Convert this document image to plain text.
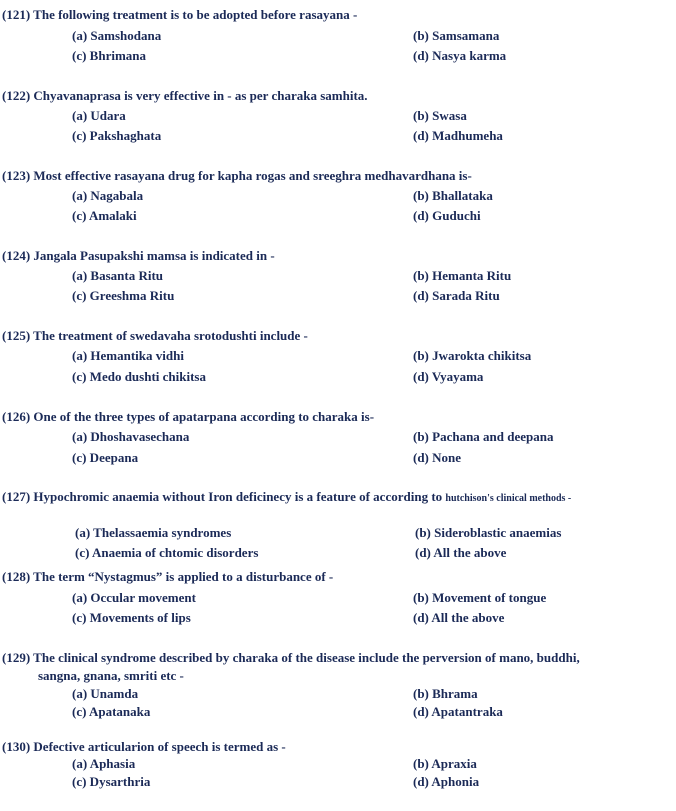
(121) The following treatment is to be adopted before rasayana -
(a) Samshodana	(b) Samsamana
(c) Bhrimana	(d) Nasya karma
(122) Chyavanaprasa is very effective in - as per charaka samhita.
(a) Udara	(b) Swasa
(c) Pakshaghata	(d) Madhumeha
(123) Most effective rasayana drug for kapha rogas and sreeghra medhavardhana is-
(a) Nagabala	(b) Bhallataka
(c) Amalaki	(d) Guduchi
(124) Jangala Pasupakshi mamsa is indicated in -
(a) Basanta Ritu	(b) Hemanta Ritu
(c) Greeshma Ritu	(d) Sarada Ritu
(125) The treatment of swedavaha srotodushti include -
(a) Hemantika vidhi	(b) Jwarokta chikitsa
(c) Medo dushti chikitsa	(d) Vyayama
(126) One of the three types of apatarpana according to charaka is-
(a) Dhoshavasechana	(b) Pachana and deepana
(c) Deepana	(d) None
(127) Hypochromic anaemia without Iron deficinecy is a feature of according to hutchison's clinical methods -
(a) Thelassaemia syndromes	(b) Sideroblastic anaemias
(c) Anaemia of chtomic disorders	(d) All the above
(128) The term “Nystagmus” is applied to a disturbance of -
(a) Occular movement	(b) Movement of tongue
(c) Movements of lips	(d) All the above
(129) The clinical syndrome described by charaka of the disease include the perversion of mano, buddhi,
sangna, gnana, smriti etc -
(a) Unamda	(b) Bhrama
(c) Apatanaka	(d) Apatantraka
(130) Defective articularion of speech is termed as -
(a) Aphasia	(b) Apraxia
(c) Dysarthria	(d) Aphonia
